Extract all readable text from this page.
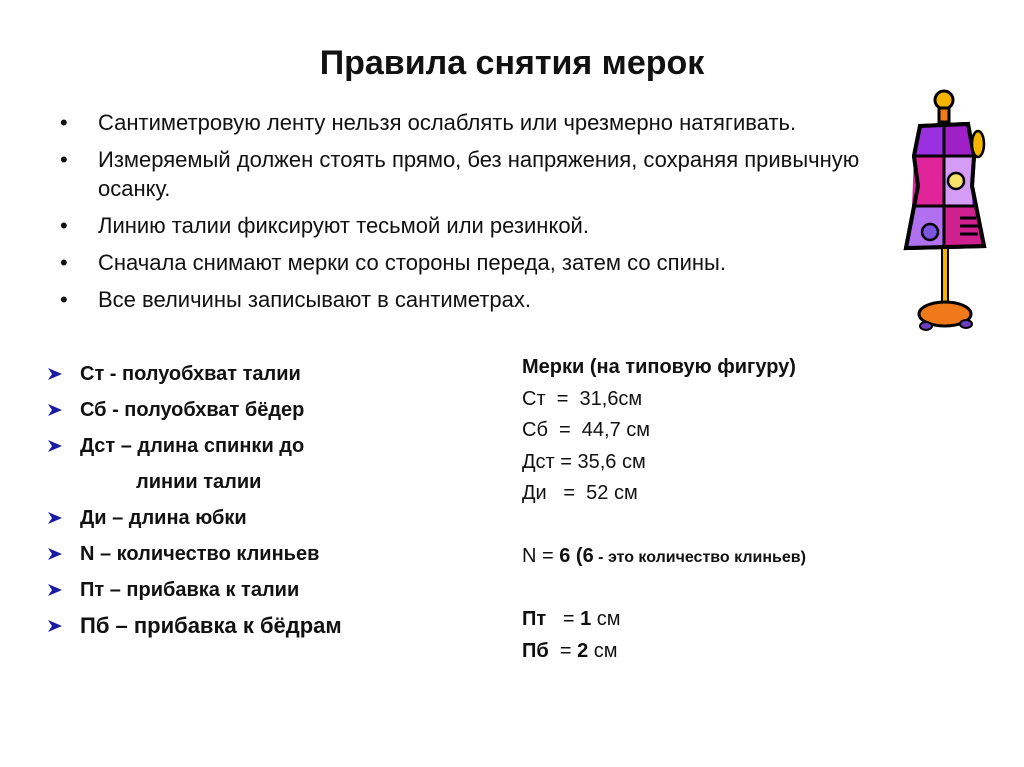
Правила снятия мерок
• Сантиметровую ленту нельзя ослаблять или чрезмерно натягивать.
• Измеряемый должен стоять прямо, без напряжения, сохраняя привычную осанку.
• Линию талии фиксируют тесьмой или резинкой.
• Сначала снимают мерки со стороны переда, затем со спины.
• Все величины записывают в сантиметрах.
Ст - полуобхват талии
Сб - полуобхват бёдер
Дст – длина спинки до
линии талии
Ди – длина юбки
N – количество клиньев
Пт – прибавка к талии
Пб – прибавка к бёдрам
Мерки (на типовую фигуру)
Ст  =  31,6см
Сб  =  44,7 см
Дст = 35,6 см
Ди   =  52 см
N = 6 (6 - это количество клиньев)
Пт   = 1 см
Пб  = 2 см
